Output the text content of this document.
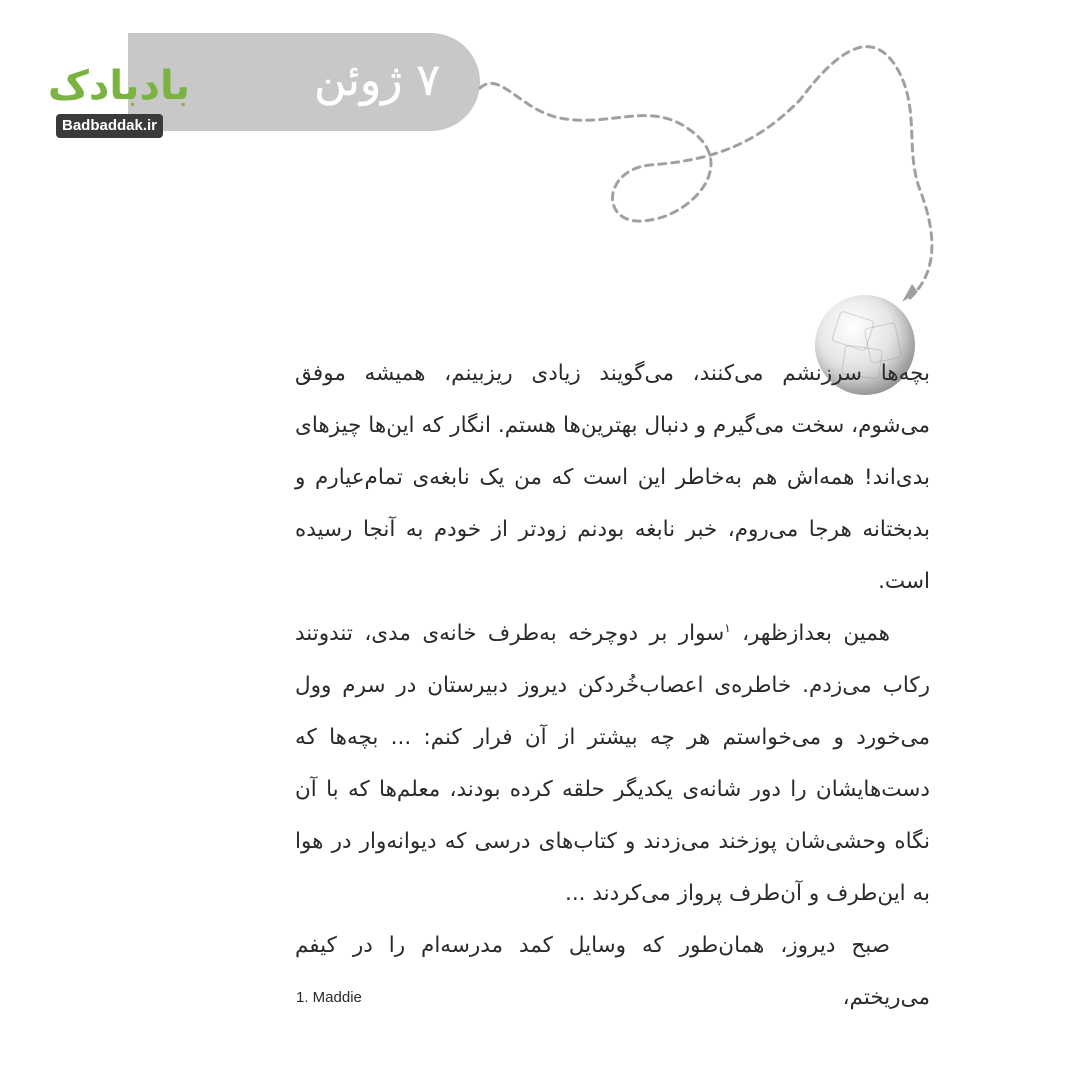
۷ ژوئن
بادبادک
Badbaddak.ir

بچه‌ها سرزنشم می‌کنند، می‌گویند زیادی ریزبینم، همیشه موفق می‌شوم، سخت می‌گیرم و دنبال بهترین‌ها هستم. انگار که این‌ها چیزهای بدی‌اند! همه‌اش هم به‌خاطر این است که من یک نابغه‌ی تمام‌عیارم و بدبختانه هرجا می‌روم، خبر نابغه بودنم زودتر از خودم به آنجا رسیده است.

همین بعدازظهر، $^۱$سوار بر دوچرخه به‌طرف خانه‌ی مدی، تندوتند رکاب می‌زدم. خاطره‌ی اعصاب‌خُردکن دیروز دبیرستان در سرم وول می‌خورد و می‌خواستم هر چه بیشتر از آن فرار کنم: ... بچه‌ها که دست‌هایشان را دور شانه‌ی یکدیگر حلقه کرده بودند، معلم‌ها که با آن نگاه وحشی‌شان پوزخند می‌زدند و کتاب‌های درسی که دیوانه‌وار در هوا به این‌طرف و آن‌طرف پرواز می‌کردند ...

صبح دیروز، همان‌طور که وسایل کمد مدرسه‌ام را در کیفم می‌ریختم،

1. Maddie
